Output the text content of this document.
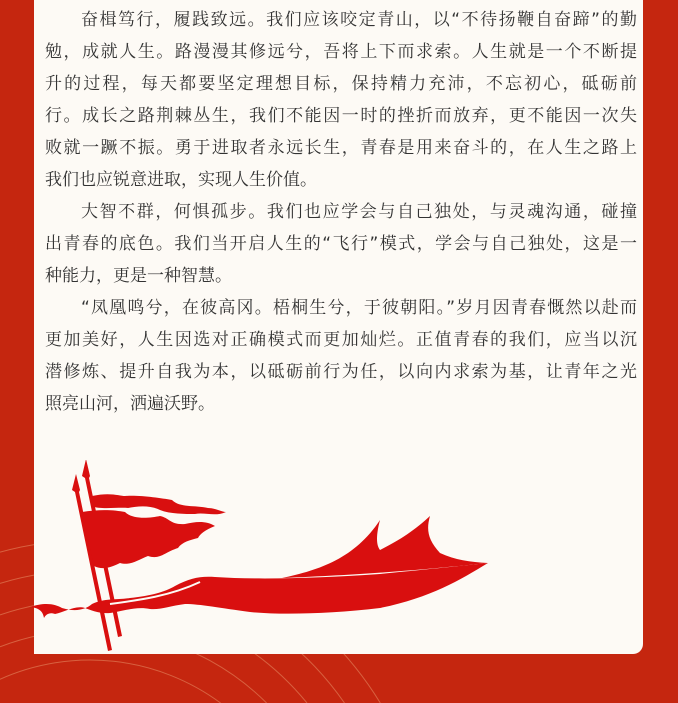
奋楫笃行，履践致远。我们应该咬定青山，以“不待扬鞭自奋蹄”的勤
勉，成就人生。路漫漫其修远兮，吾将上下而求索。人生就是一个不断提
升的过程，每天都要坚定理想目标，保持精力充沛，不忘初心，砥砺前
行。成长之路荆棘丛生，我们不能因一时的挫折而放弃，更不能因一次失
败就一蹶不振。勇于进取者永远长生，青春是用来奋斗的，在人生之路上
我们也应锐意进取，实现人生价值。
大智不群，何惧孤步。我们也应学会与自己独处，与灵魂沟通，碰撞
出青春的底色。我们当开启人生的“飞行”模式，学会与自己独处，这是一
种能力，更是一种智慧。
“凤凰鸣兮，在彼高冈。梧桐生兮，于彼朝阳。”岁月因青春慨然以赴而
更加美好，人生因选对正确模式而更加灿烂。正值青春的我们，应当以沉
潜修炼、提升自我为本，以砥砺前行为任，以向内求索为基，让青年之光
照亮山河，洒遍沃野。
